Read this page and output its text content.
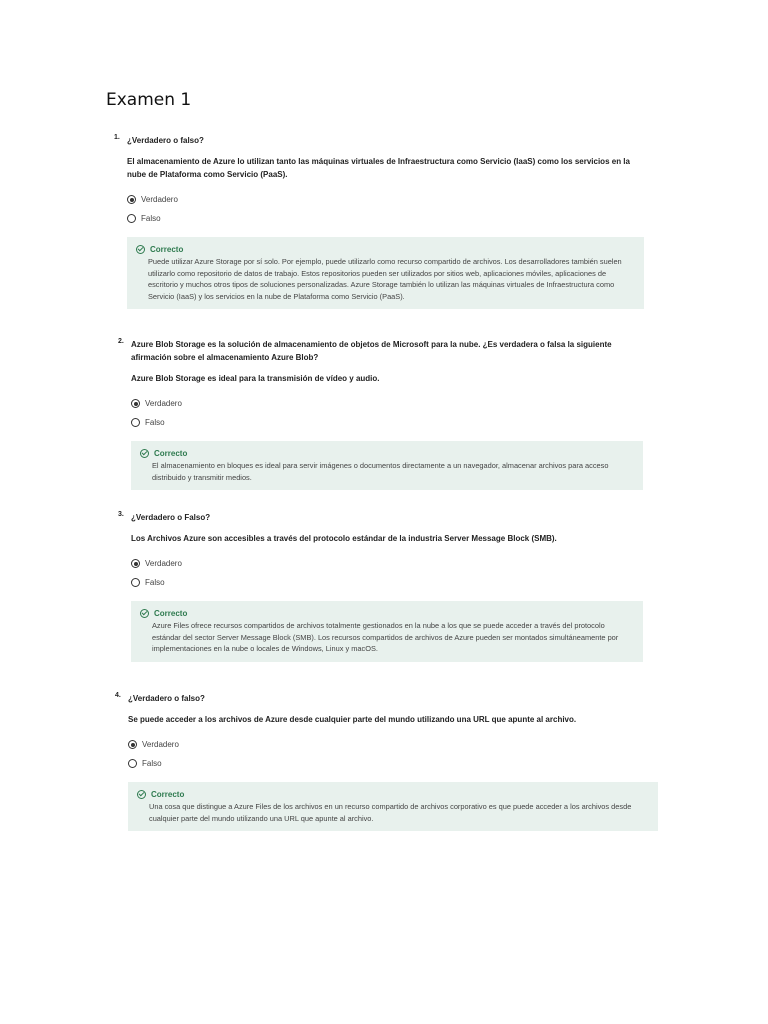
Examen 1
1. ¿Verdadero o falso?
El almacenamiento de Azure lo utilizan tanto las máquinas virtuales de Infraestructura como Servicio (IaaS) como los servicios en la nube de Plataforma como Servicio (PaaS).
Verdadero
Falso
Correcto
Puede utilizar Azure Storage por sí solo. Por ejemplo, puede utilizarlo como recurso compartido de archivos. Los desarrolladores también suelen utilizarlo como repositorio de datos de trabajo. Estos repositorios pueden ser utilizados por sitios web, aplicaciones móviles, aplicaciones de escritorio y muchos otros tipos de soluciones personalizadas. Azure Storage también lo utilizan las máquinas virtuales de Infraestructura como Servicio (IaaS) y los servicios en la nube de Plataforma como Servicio (PaaS).
2. Azure Blob Storage es la solución de almacenamiento de objetos de Microsoft para la nube. ¿Es verdadera o falsa la siguiente afirmación sobre el almacenamiento Azure Blob?
Azure Blob Storage es ideal para la transmisión de vídeo y audio.
Verdadero
Falso
Correcto
El almacenamiento en bloques es ideal para servir imágenes o documentos directamente a un navegador, almacenar archivos para acceso distribuido y transmitir medios.
3. ¿Verdadero o Falso?
Los Archivos Azure son accesibles a través del protocolo estándar de la industria Server Message Block (SMB).
Verdadero
Falso
Correcto
Azure Files ofrece recursos compartidos de archivos totalmente gestionados en la nube a los que se puede acceder a través del protocolo estándar del sector Server Message Block (SMB). Los recursos compartidos de archivos de Azure pueden ser montados simultáneamente por implementaciones en la nube o locales de Windows, Linux y macOS.
4. ¿Verdadero o falso?
Se puede acceder a los archivos de Azure desde cualquier parte del mundo utilizando una URL que apunte al archivo.
Verdadero
Falso
Correcto
Una cosa que distingue a Azure Files de los archivos en un recurso compartido de archivos corporativo es que puede acceder a los archivos desde cualquier parte del mundo utilizando una URL que apunte al archivo.
